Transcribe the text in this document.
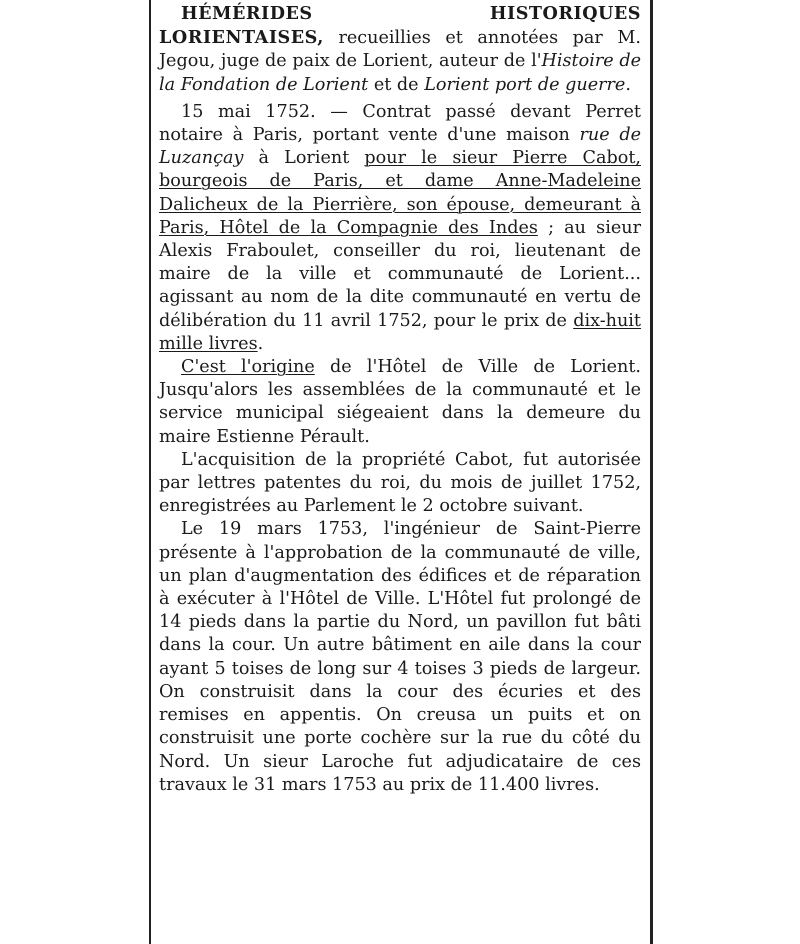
HÉMÉRIDES HISTORIQUES LORIENTAISES, recueillies et annotées par M. Jegou, juge de paix de Lorient, auteur de l'Histoire de la Fondation de Lorient et de Lorient port de guerre.

15 mai 1752. — Contrat passé devant Perret notaire à Paris, portant vente d'une maison rue de Luzançay à Lorient pour le sieur Pierre Cabot, bourgeois de Paris, et dame Anne-Madeleine Dalicheux de la Pierrière, son épouse, demeurant à Paris, Hôtel de la Compagnie des Indes ; au sieur Alexis Fraboulet, conseiller du roi, lieutenant de maire de la ville et communauté de Lorient... agissant au nom de la dite communauté en vertu de délibération du 11 avril 1752, pour le prix de dix-huit mille livres.

C'est l'origine de l'Hôtel de Ville de Lorient. Jusqu'alors les assemblées de la communauté et le service municipal siégeaient dans la demeure du maire Estienne Pérault.

L'acquisition de la propriété Cabot, fut autorisée par lettres patentes du roi, du mois de juillet 1752, enregistrées au Parlement le 2 octobre suivant.

Le 19 mars 1753, l'ingénieur de Saint-Pierre présente à l'approbation de la communauté de ville, un plan d'augmentation des édifices et de réparation à exécuter à l'Hôtel de Ville. L'Hôtel fut prolongé de 14 pieds dans la partie du Nord, un pavillon fut bâti dans la cour. Un autre bâtiment en aile dans la cour ayant 5 toises de long sur 4 toises 3 pieds de largeur. On construisit dans la cour des écuries et des remises en appentis. On creusa un puits et on construisit une porte cochère sur la rue du côté du Nord. Un sieur Laroche fut adjudicataire de ces travaux le 31 mars 1753 au prix de 11.400 livres.
